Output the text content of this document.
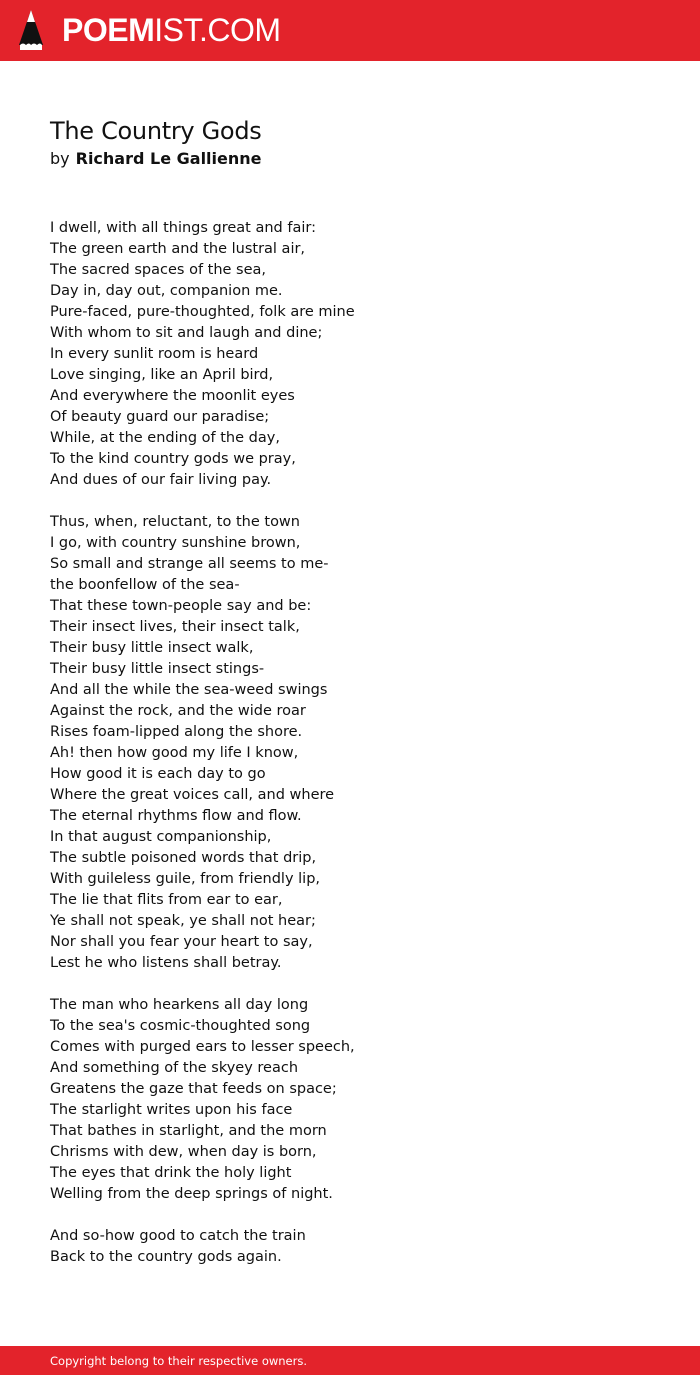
POEMIST.COM
The Country Gods
by Richard Le Gallienne
I dwell, with all things great and fair:
The green earth and the lustral air,
The sacred spaces of the sea,
Day in, day out, companion me.
Pure-faced, pure-thoughted, folk are mine
With whom to sit and laugh and dine;
In every sunlit room is heard
Love singing, like an April bird,
And everywhere the moonlit eyes
Of beauty guard our paradise;
While, at the ending of the day,
To the kind country gods we pray,
And dues of our fair living pay.
Thus, when, reluctant, to the town
I go, with country sunshine brown,
So small and strange all seems to me-
the boonfellow of the sea-
That these town-people say and be:
Their insect lives, their insect talk,
Their busy little insect walk,
Their busy little insect stings-
And all the while the sea-weed swings
Against the rock, and the wide roar
Rises foam-lipped along the shore.
Ah! then how good my life I know,
How good it is each day to go
Where the great voices call, and where
The eternal rhythms flow and flow.
In that august companionship,
The subtle poisoned words that drip,
With guileless guile, from friendly lip,
The lie that flits from ear to ear,
Ye shall not speak, ye shall not hear;
Nor shall you fear your heart to say,
Lest he who listens shall betray.
The man who hearkens all day long
To the sea's cosmic-thoughted song
Comes with purged ears to lesser speech,
And something of the skyey reach
Greatens the gaze that feeds on space;
The starlight writes upon his face
That bathes in starlight, and the morn
Chrisms with dew, when day is born,
The eyes that drink the holy light
Welling from the deep springs of night.
And so-how good to catch the train
Back to the country gods again.
Copyright belong to their respective owners.
